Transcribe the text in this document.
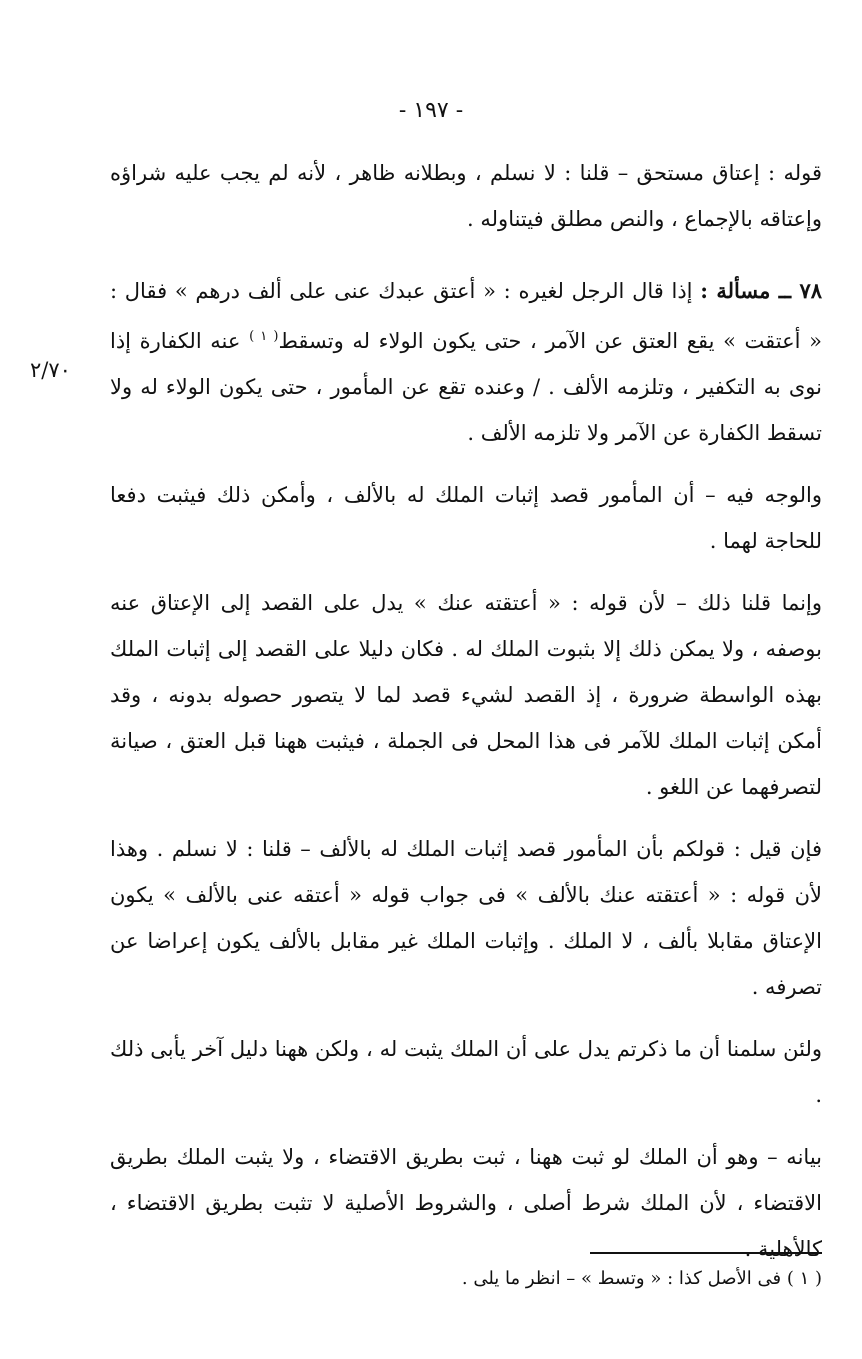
- ١٩٧ -
٢/٧٠

قوله : إعتاق مستحق – قلنا : لا نسلم ، وبطلانه ظاهر ، لأنه لم يجب عليه شراؤه وإعتاقه بالإجماع ، والنص مطلق فيتناوله .

٧٨ ــ مسألة : إذا قال الرجل لغيره : « أعتق عبدك عنى على ألف درهم » فقال : « أعتقت » يقع العتق عن الآمر ، حتى يكون الولاء له وتسقط$^{( ١ )}$ عنه الكفارة إذا نوى به التكفير ، وتلزمه الألف . / وعنده تقع عن المأمور ، حتى يكون الولاء له ولا تسقط الكفارة عن الآمر ولا تلزمه الألف .

والوجه فيه – أن المأمور قصد إثبات الملك له بالألف ، وأمكن ذلك فيثبت دفعا للحاجة لهما .

وإنما قلنا ذلك – لأن قوله : « أعتقته عنك » يدل على القصد إلى الإعتاق عنه بوصفه ، ولا يمكن ذلك إلا بثبوت الملك له . فكان دليلا على القصد إلى إثبات الملك بهذه الواسطة ضرورة ، إذ القصد لشيء قصد لما لا يتصور حصوله بدونه ، وقد أمكن إثبات الملك للآمر فى هذا المحل فى الجملة ، فيثبت ههنا قبل العتق ، صيانة لتصرفهما عن اللغو .

فإن قيل : قولكم بأن المأمور قصد إثبات الملك له بالألف – قلنا : لا نسلم . وهذا لأن قوله : « أعتقته عنك بالألف » فى جواب قوله « أعتقه عنى بالألف » يكون الإعتاق مقابلا بألف ، لا الملك . وإثبات الملك غير مقابل بالألف يكون إعراضا عن تصرفه .

ولئن سلمنا أن ما ذكرتم يدل على أن الملك يثبت له ، ولكن ههنا دليل آخر يأبى ذلك .

بيانه – وهو أن الملك لو ثبت ههنا ، ثبت بطريق الاقتضاء ، ولا يثبت الملك بطريق الاقتضاء ، لأن الملك شرط أصلى ، والشروط الأصلية لا تثبت بطريق الاقتضاء ، كالأهلية .

( ١ ) فى الأصل كذا : « وتسط » – انظر ما يلى .
